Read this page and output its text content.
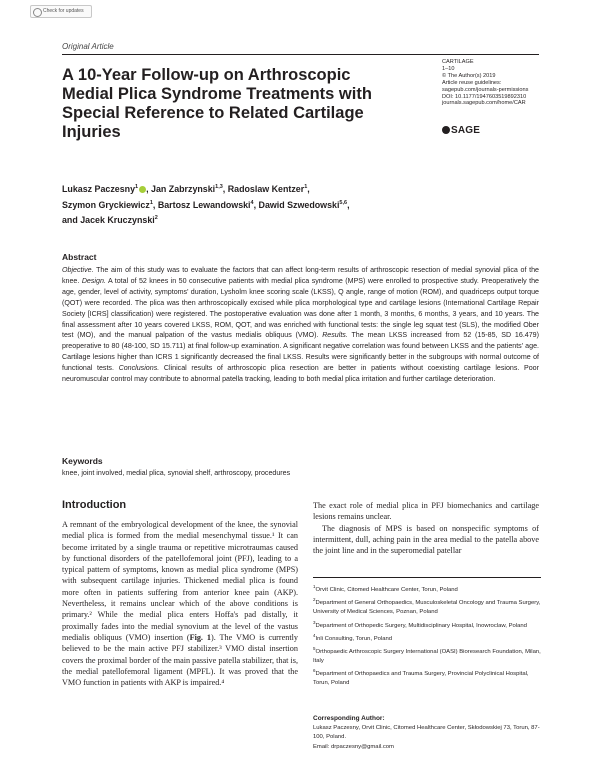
Check for updates
Original Article
A 10-Year Follow-up on Arthroscopic Medial Plica Syndrome Treatments with Special Reference to Related Cartilage Injuries
CARTILAGE
1–10
© The Author(s) 2019
Article reuse guidelines:
sagepub.com/journals-permissions
DOI: 10.1177/1947603519892310
journals.sagepub.com/home/CAR
SAGE
Lukasz Paczesny$^1$ , Jan Zabrzynski$^{1,3}$, Radoslaw Kentzer$^1$,
Szymon Gryckiewicz$^1$, Bartosz Lewandowski$^4$, Dawid Szwedowski$^{5,6}$,
and Jacek Kruczynski$^2$
Abstract
Objective. The aim of this study was to evaluate the factors that can affect long-term results of arthroscopic resection of medial synovial plica of the knee. Design. A total of 52 knees in 50 consecutive patients with medial plica syndrome (MPS) were enrolled to prospective study. Preoperatively the age, gender, level of activity, symptoms' duration, Lysholm knee scoring scale (LKSS), Q angle, range of motion (ROM), and quadriceps output torque (QOT) were recorded. The plica was then arthroscopically excised while plica morphological type and cartilage lesions (International Cartilage Repair Society [ICRS] classification) were registered. The postoperative evaluation was done after 1 month, 3 months, 6 months, 3 years, and 10 years. The final assessment after 10 years covered LKSS, ROM, QOT, and was enriched with functional tests: the single leg squat test (SLS), the modified Ober test (MO), and the manual palpation of the vastus medialis obliquus (VMO). Results. The mean LKSS increased from 52 (15-85, SD 16.479) preoperative to 80 (48-100, SD 15.711) at final follow-up examination. A significant negative correlation was found between LKSS and the patients' age. Cartilage lesions higher than ICRS 1 significantly decreased the final LKSS. Results were significantly better in the subgroups with normal outcome of functional tests. Conclusions. Clinical results of arthroscopic plica resection are better in patients without coexisting cartilage lesions. Poor neuromuscular control may contribute to abnormal patella tracking, leading to both medial plica irritation and further cartilage deterioration.
Keywords
knee, joint involved, medial plica, synovial shelf, arthroscopy, procedures
Introduction
A remnant of the embryological development of the knee, the synovial medial plica is formed from the medial mesenchymal tissue.¹ It can become irritated by a single trauma or repetitive microtraumas caused by functional disorders of the patellofemoral joint (PFJ), leading to a typical pattern of symptoms, known as medial plica syndrome (MPS) with subsequent cartilage injuries. Thickened medial plica is found more often in patients suffering from anterior knee pain (AKP). Nevertheless, it remains unclear which of the above conditions is primary.² While the medial plica enters Hoffa's pad distally, it proximally fades into the medial synovium at the level of the vastus medialis obliquus (VMO) insertion (Fig. 1). The VMO is currently believed to be the main active PFJ stabilizer.³ VMO distal insertion covers the proximal border of the main passive patella stabilizer, that is, the medial patellofemoral ligament (MPFL). It was proved that the VMO function in patients with AKP is impaired.⁴
The exact role of medial plica in PFJ biomechanics and cartilage lesions remains unclear.
The diagnosis of MPS is based on nonspecific symptoms of intermittent, dull, aching pain in the area medial to the patella above the joint line and in the superomedial patellar
$^1$Orvit Clinic, Citomed Healthcare Center, Torun, Poland
$^2$Department of General Orthopaedics, Musculoskeletal Oncology and Trauma Surgery, University of Medical Sciences, Poznan, Poland
$^3$Department of Orthopedic Surgery, Multidisciplinary Hospital, Inowroclaw, Poland
$^4$Inli Consulting, Torun, Poland
$^5$Orthopaedic Arthroscopic Surgery International (OASI) Bioresearch Foundation, Milan, Italy
$^6$Department of Orthopaedics and Trauma Surgery, Provincial Polyclinical Hospital, Torun, Poland
Corresponding Author:
Lukasz Paczesny, Orvit Clinic, Citomed Healthcare Center, Skłodowskiej 73, Torun, 87-100, Poland.
Email: drpaczesny@gmail.com
